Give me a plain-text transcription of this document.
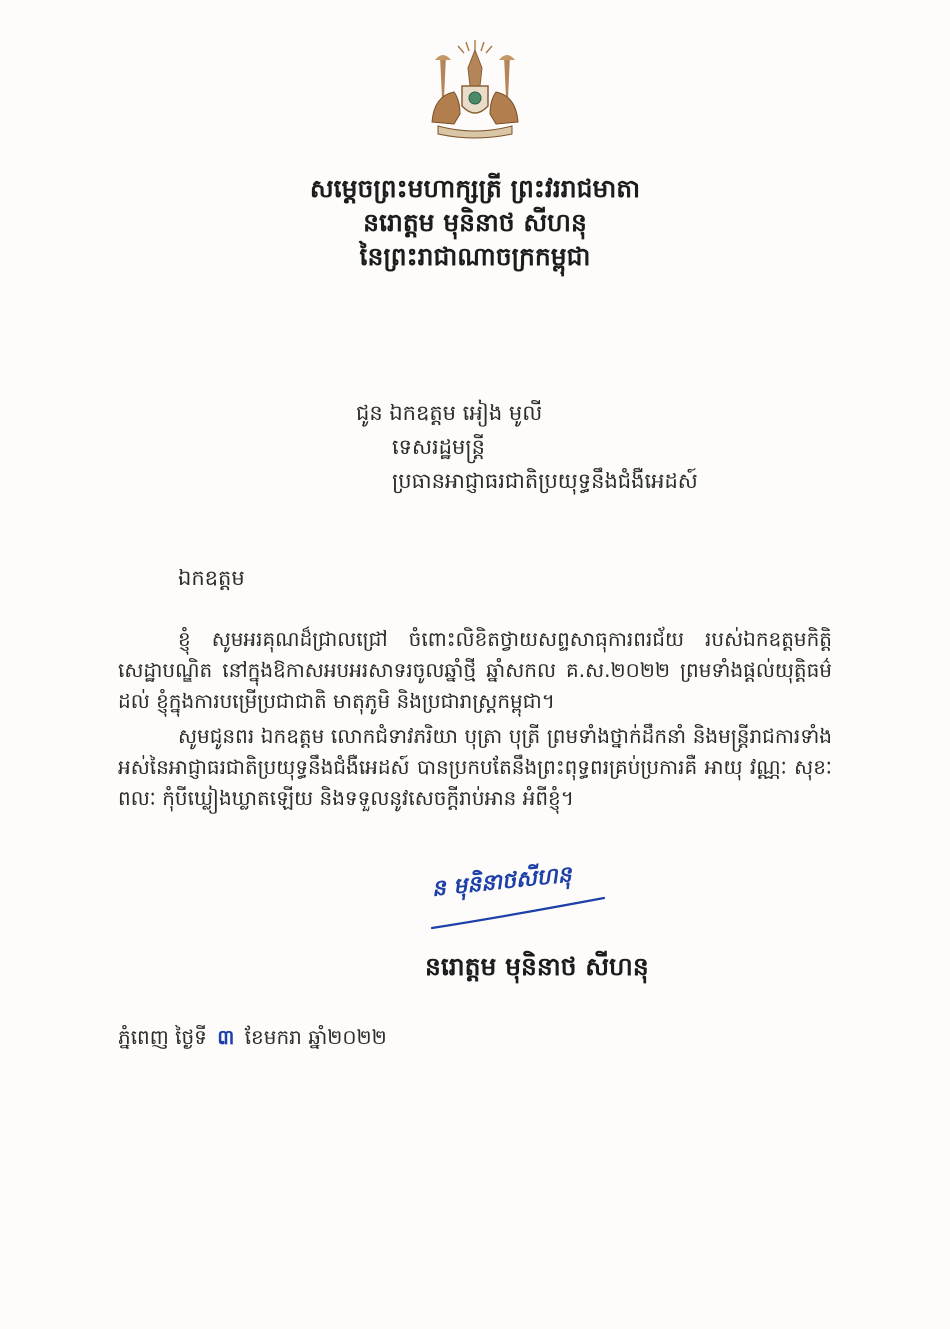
សម្តេចព្រះមហាក្សត្រី ព្រះវររាជមាតា
នរោត្តម មុនិនាថ សីហនុ
នៃព្រះរាជាណាចក្រកម្ពុជា
ជូន ឯកឧត្តម អៀង មូលី
ទេសរដ្ឋមន្ត្រី
ប្រធានអាជ្ញាធរជាតិប្រយុទ្ធនឹងជំងឺអេដស៍
ឯកឧត្តម

ខ្ញុំ សូមអរគុណដ៏ជ្រាលជ្រៅ ចំពោះលិខិតថ្វាយសព្ទសាធុការពរជ័យ របស់ឯកឧត្តមកិត្តិសេដ្ឋាបណ្ឌិត នៅក្នុងឱកាសអបអរសាទរចូលឆ្នាំថ្មី ឆ្នាំសកល គ.ស.២០២២ ព្រមទាំងផ្តល់យុត្តិធម៌ដល់ ខ្ញុំក្នុងការបម្រើប្រជាជាតិ មាតុភូមិ និងប្រជារាស្ត្រកម្ពុជា។

សូមជូនពរ ឯកឧត្តម លោកជំទាវភរិយា បុត្រា បុត្រី ព្រមទាំងថ្នាក់ដឹកនាំ និងមន្ត្រីរាជការទាំងអស់នៃអាជ្ញាធរជាតិប្រយុទ្ធនឹងជំងឺអេដស៍ បានប្រកបតែនឹងព្រះពុទ្ធពរគ្រប់ប្រការគឺ អាយុ វណ្ណៈ សុខៈ ពលៈ កុំបីឃ្លៀងឃ្លាតឡើយ និងទទួលនូវសេចក្តីរាប់អាន អំពីខ្ញុំ។

ន មុនិនាថសីហនុ
នរោត្តម មុនិនាថ សីហនុ
ភ្នំពេញ ថ្ងៃទី ៣ ខែមករា ឆ្នាំ២០២២
